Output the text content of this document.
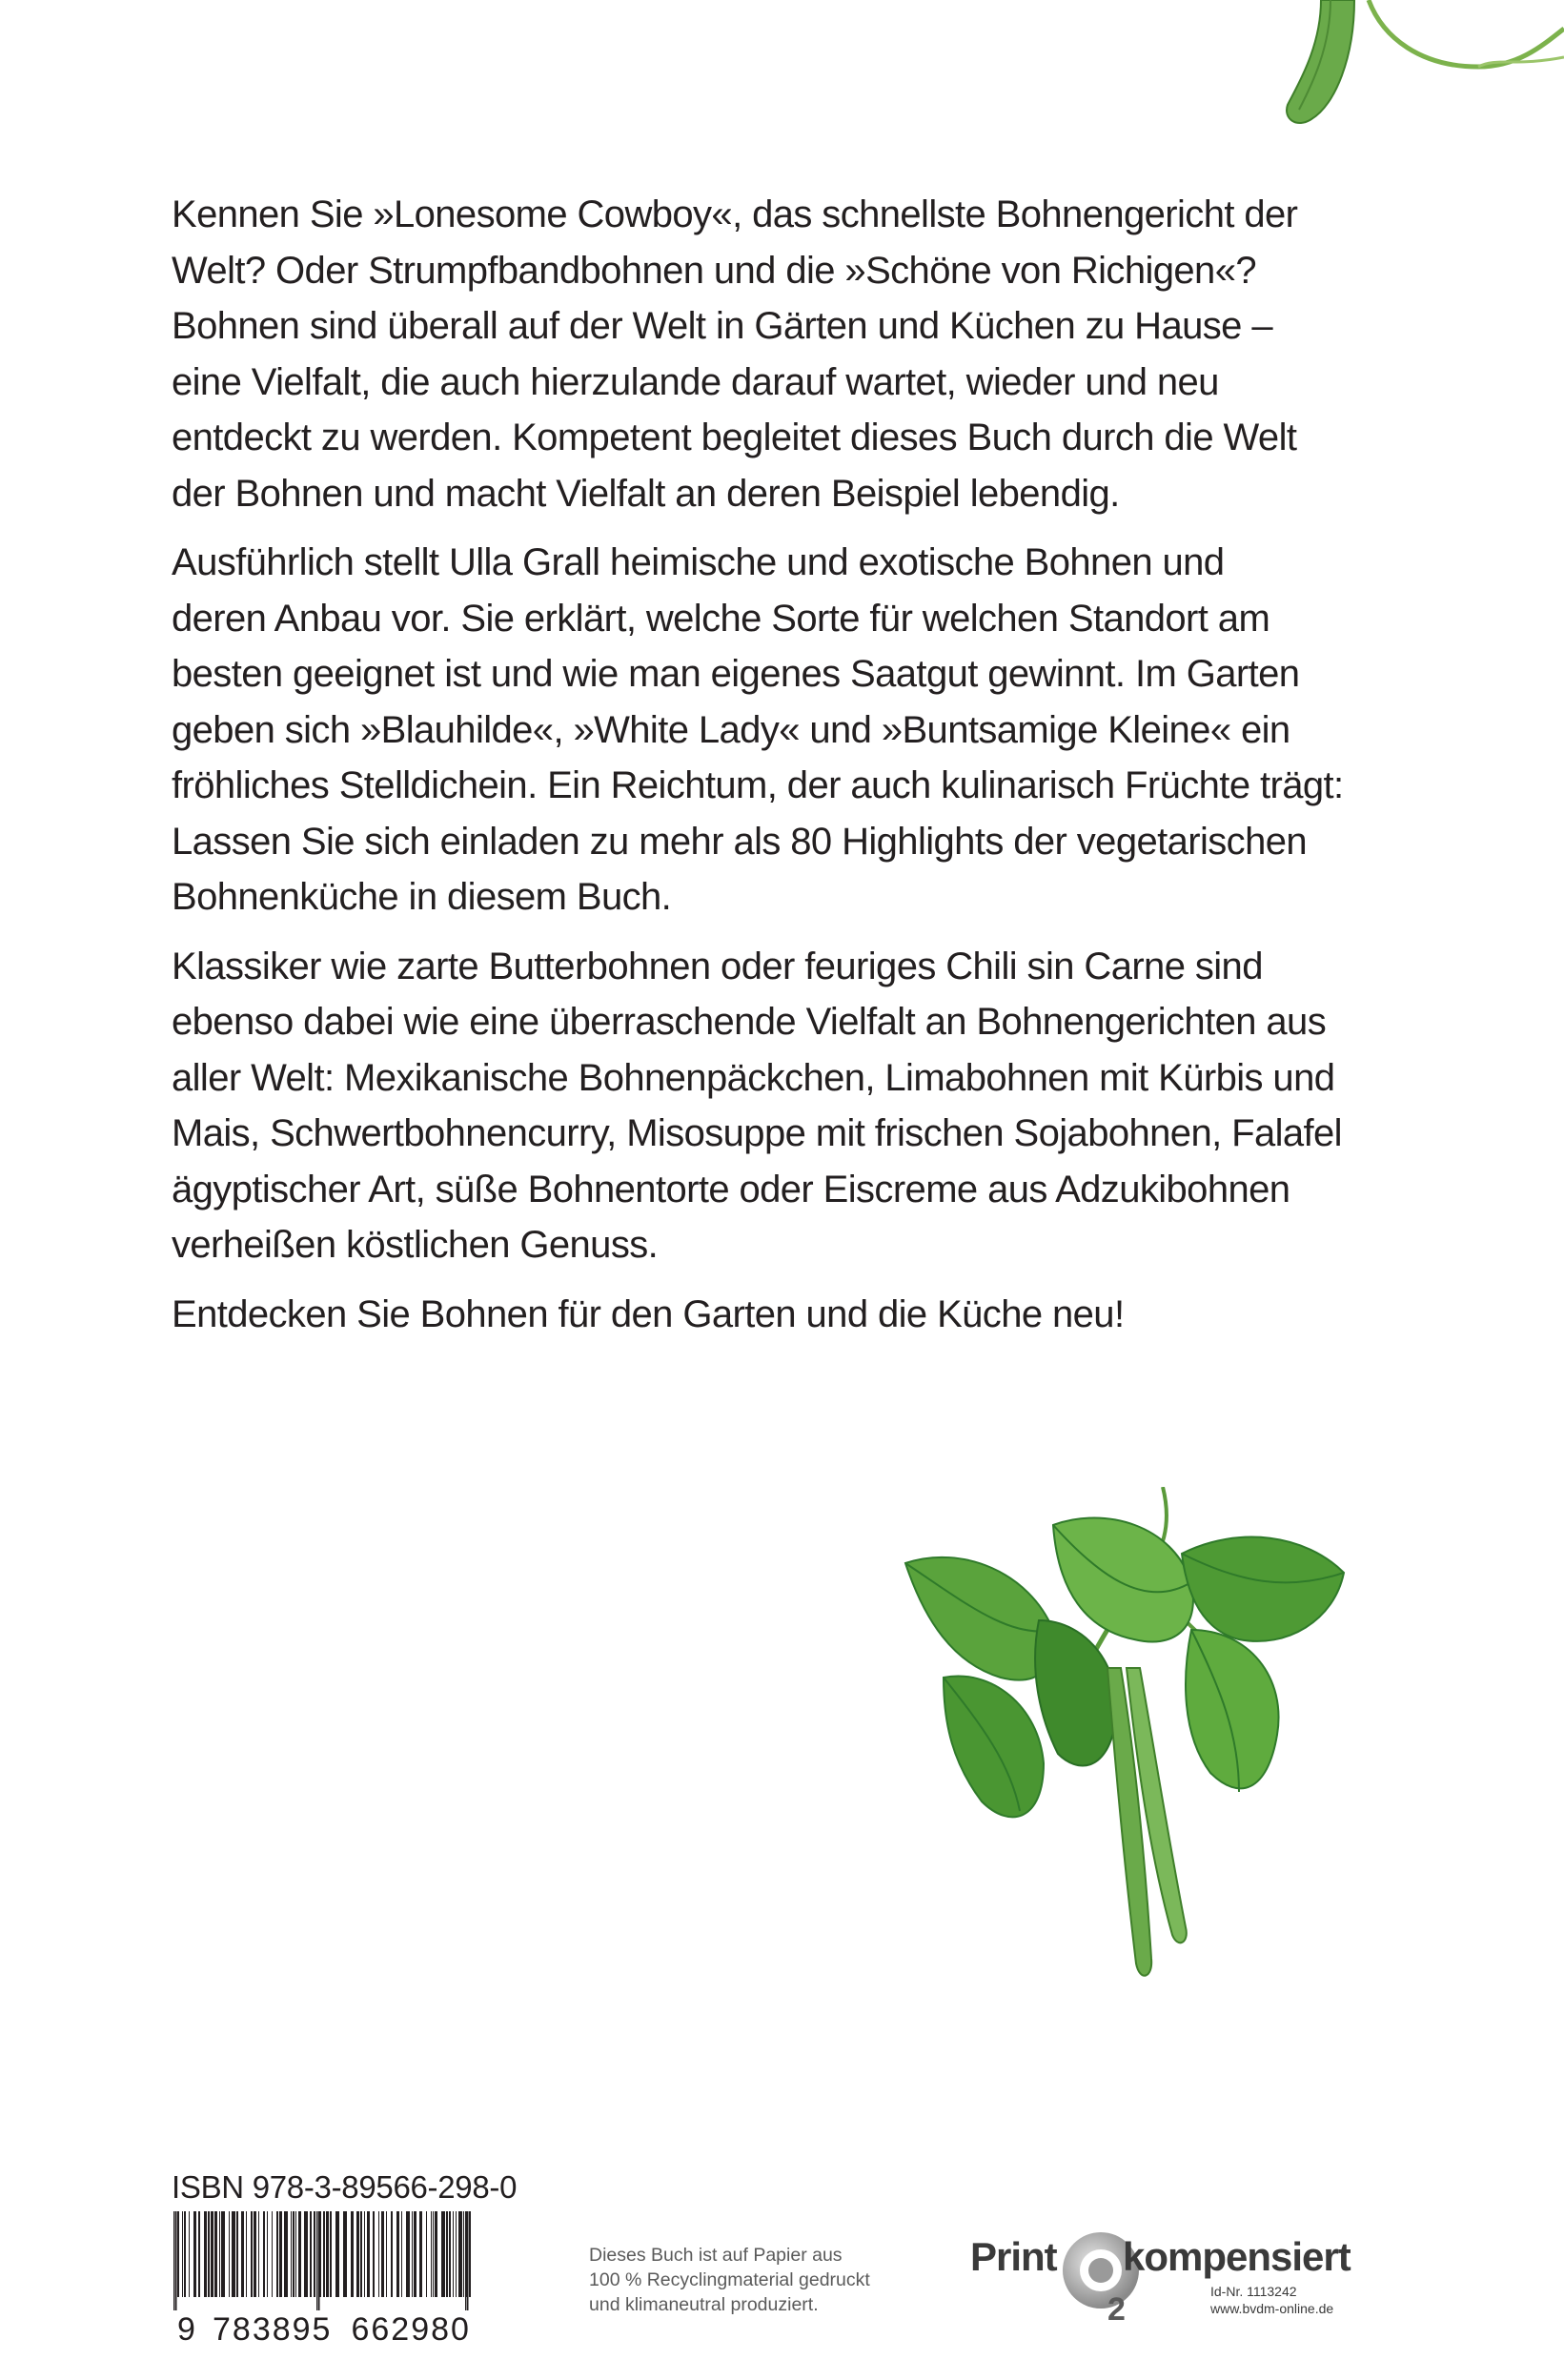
Kennen Sie »Lonesome Cowboy«, das schnellste Bohnengericht der
Welt? Oder Strumpfbandbohnen und die »Schöne von Richigen«?
Bohnen sind überall auf der Welt in Gärten und Küchen zu Hause –
eine Vielfalt, die auch hierzulande darauf wartet, wieder und neu
entdeckt zu werden. Kompetent begleitet dieses Buch durch die Welt
der Bohnen und macht Vielfalt an deren Beispiel lebendig.

Ausführlich stellt Ulla Grall heimische und exotische Bohnen und
deren Anbau vor. Sie erklärt, welche Sorte für welchen Standort am
besten geeignet ist und wie man eigenes Saatgut gewinnt. Im Garten
geben sich »Blauhilde«, »White Lady« und »Buntsamige Kleine« ein
fröhliches Stelldichein. Ein Reichtum, der auch kulinarisch Früchte trägt:
Lassen Sie sich einladen zu mehr als 80 Highlights der vegetarischen
Bohnenküche in diesem Buch.

Klassiker wie zarte Butterbohnen oder feuriges Chili sin Carne sind
ebenso dabei wie eine überraschende Vielfalt an Bohnengerichten aus
aller Welt: Mexikanische Bohnenpäckchen, Limabohnen mit Kürbis und
Mais, Schwertbohnencurry, Misosuppe mit frischen Sojabohnen, Falafel
ägyptischer Art, süße Bohnentorte oder Eiscreme aus Adzukibohnen
verheißen köstlichen Genuss.

Entdecken Sie Bohnen für den Garten und die Küche neu!

ISBN 978-3-89566-298-0
9 783895 662980
Dieses Buch ist auf Papier aus
100 % Recyclingmaterial gedruckt
und klimaneutral produziert.
Print
2
kompensiert
Id-Nr. 1113242
www.bvdm-online.de
